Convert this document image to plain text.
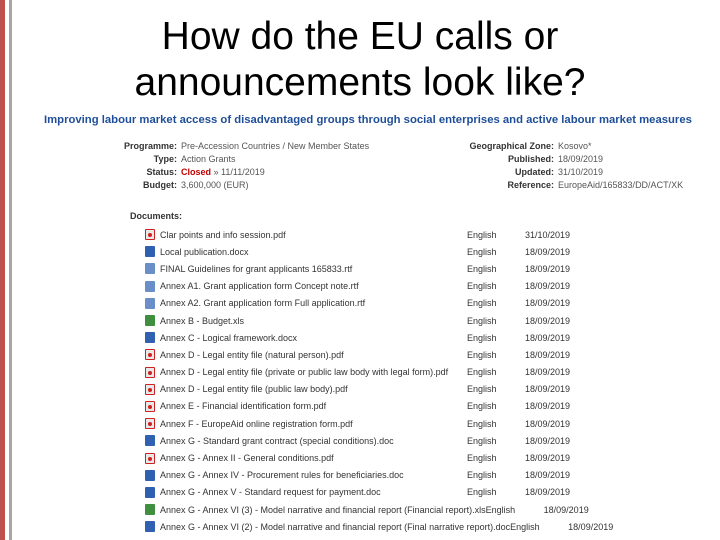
How do the EU calls or
announcements look like?
Improving labour market access of disadvantaged groups through social enterprises and active labour market measures
Programme: Pre-Accession Countries / New Member States
Type: Action Grants
Status: Closed » 11/11/2019
Budget: 3,600,000 (EUR)
Geographical Zone: Kosovo*
Published: 18/09/2019
Updated: 31/10/2019
Reference: EuropeAid/165833/DD/ACT/XK
Documents:
Clar points and info session.pdf	English	31/10/2019
Local publication.docx	English	18/09/2019
FINAL Guidelines for grant applicants 165833.rtf	English	18/09/2019
Annex A1. Grant application form Concept note.rtf	English	18/09/2019
Annex A2. Grant application form Full application.rtf	English	18/09/2019
Annex B - Budget.xls	English	18/09/2019
Annex C - Logical framework.docx	English	18/09/2019
Annex D - Legal entity file (natural person).pdf	English	18/09/2019
Annex D - Legal entity file (private or public law body with legal form).pdf	English	18/09/2019
Annex D - Legal entity file (public law body).pdf	English	18/09/2019
Annex E - Financial identification form.pdf	English	18/09/2019
Annex F - EuropeAid online registration form.pdf	English	18/09/2019
Annex G - Standard grant contract (special conditions).doc	English	18/09/2019
Annex G - Annex II - General conditions.pdf	English	18/09/2019
Annex G - Annex IV - Procurement rules for beneficiaries.doc	English	18/09/2019
Annex G - Annex V - Standard request for payment.doc	English	18/09/2019
Annex G - Annex VI (3) - Model narrative and financial report (Financial report).xls English	18/09/2019
Annex G - Annex VI (2) - Model narrative and financial report (Final narrative report).doc English	18/09/2019
